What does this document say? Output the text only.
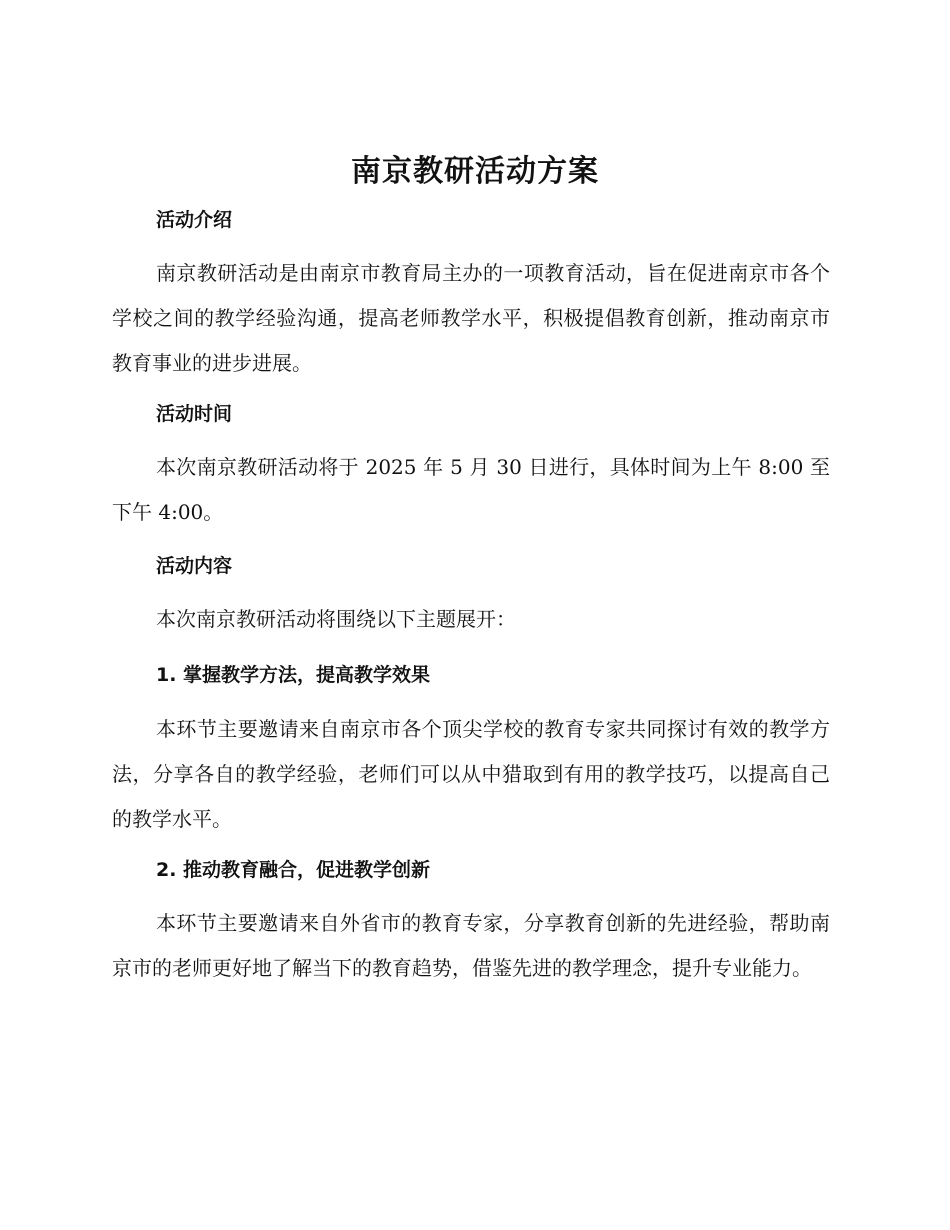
南京教研活动方案
活动介绍
南京教研活动是由南京市教育局主办的一项教育活动，旨在促进南京市各个学校之间的教学经验沟通，提高老师教学水平，积极提倡教育创新，推动南京市教育事业的进步进展。
活动时间
本次南京教研活动将于 2025 年 5 月 30 日进行，具体时间为上午 8:00 至下午 4:00。
活动内容
本次南京教研活动将围绕以下主题展开：
1. 掌握教学方法，提高教学效果
本环节主要邀请来自南京市各个顶尖学校的教育专家共同探讨有效的教学方法，分享各自的教学经验，老师们可以从中猎取到有用的教学技巧，以提高自己的教学水平。
2. 推动教育融合，促进教学创新
本环节主要邀请来自外省市的教育专家，分享教育创新的先进经验，帮助南京市的老师更好地了解当下的教育趋势，借鉴先进的教学理念，提升专业能力。
